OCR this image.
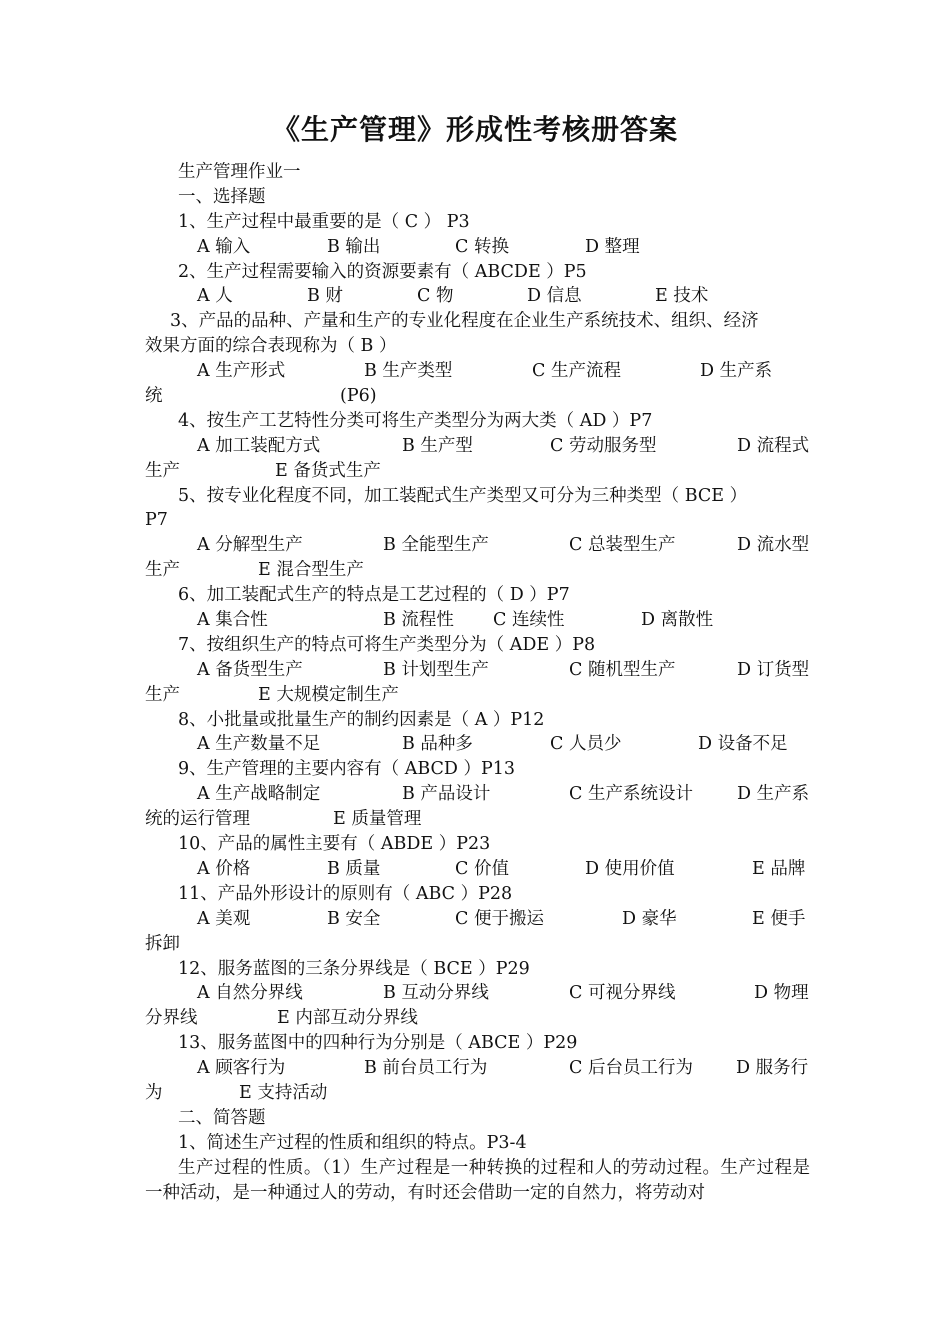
《生产管理》形成性考核册答案
生产管理作业一
一、选择题
1、生产过程中最重要的是（ C ） P3
A 输入	B 输出	C 转换	D 整理
2、生产过程需要输入的资源要素有（ ABCDE ）P5
A 人	B 财	C 物	D 信息	E 技术
3、产品的品种、产量和生产的专业化程度在企业生产系统技术、组织、经济
效果方面的综合表现称为（ B ）
A 生产形式	B 生产类型	C 生产流程	D 生产系
统	(P6)
4、按生产工艺特性分类可将生产类型分为两大类（ AD ）P7
A 加工装配方式	B 生产型	C 劳动服务型	D 流程式
生产	E 备货式生产
5、按专业化程度不同，加工装配式生产类型又可分为三种类型（ BCE ）
P7
A 分解型生产	B 全能型生产	C 总装型生产	D 流水型
生产	E 混合型生产
6、加工装配式生产的特点是工艺过程的（ D ）P7
A 集合性	B 流程性	C 连续性	D 离散性
7、按组织生产的特点可将生产类型分为（ ADE ）P8
A 备货型生产	B 计划型生产	C 随机型生产	D 订货型
生产	E 大规模定制生产
8、小批量或批量生产的制约因素是（ A ）P12
A 生产数量不足	B 品种多	C 人员少	D 设备不足
9、生产管理的主要内容有（ ABCD ）P13
A 生产战略制定	B 产品设计	C 生产系统设计	D 生产系
统的运行管理	E 质量管理
10、产品的属性主要有（ ABDE ）P23
A 价格	B 质量	C 价值	D 使用价值	E 品牌
11、产品外形设计的原则有（ ABC ）P28
A 美观	B 安全	C 便于搬运	D 豪华	E 便手
拆卸
12、服务蓝图的三条分界线是（ BCE ）P29
A 自然分界线	B 互动分界线	C 可视分界线	D 物理
分界线	E 内部互动分界线
13、服务蓝图中的四种行为分别是（ ABCE ）P29
A 顾客行为	B 前台员工行为	C 后台员工行为	D 服务行
为	E 支持活动
二、简答题
1、简述生产过程的性质和组织的特点。P3-4
生产过程的性质。（1）生产过程是一种转换的过程和人的劳动过程。生产过程是一种活动，是一种通过人的劳动，有时还会借助一定的自然力，将劳动对
